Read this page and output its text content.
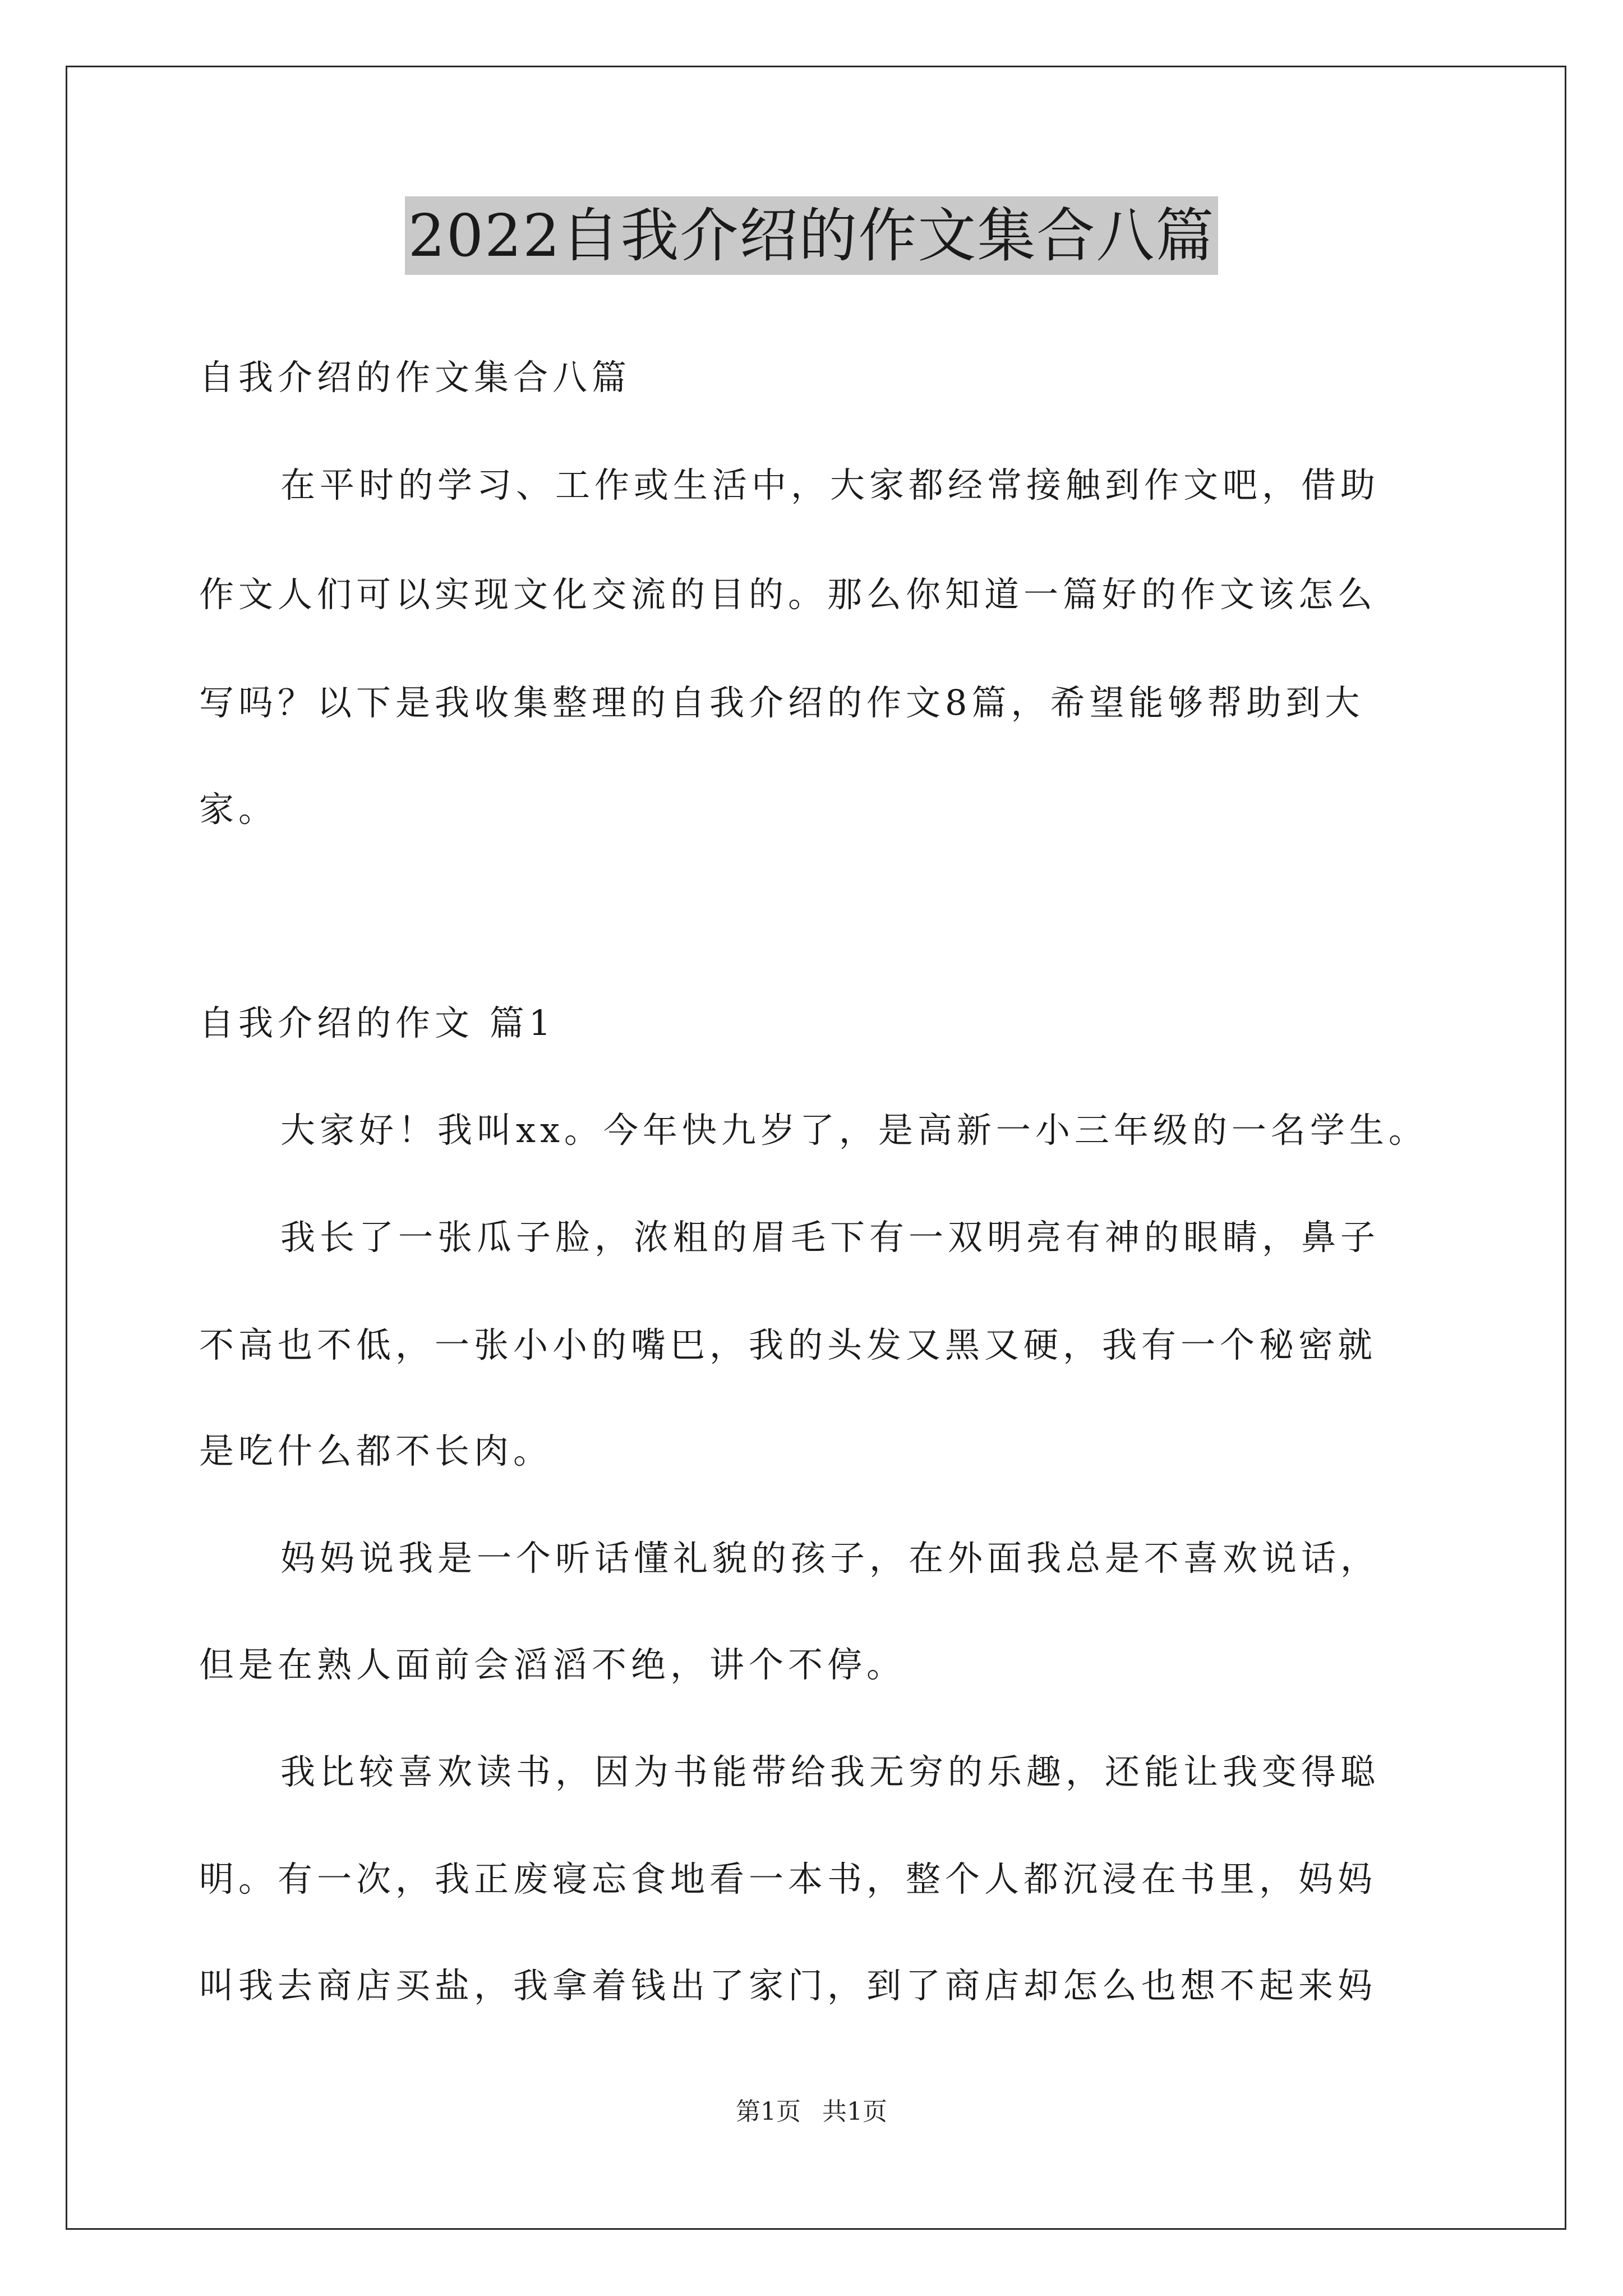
2022自我介绍的作文集合八篇
自我介绍的作文集合八篇
在平时的学习、工作或生活中，大家都经常接触到作文吧，借助
作文人们可以实现文化交流的目的。那么你知道一篇好的作文该怎么
写吗？以下是我收集整理的自我介绍的作文8篇，希望能够帮助到大
家。
自我介绍的作文 篇1
大家好！我叫xx。今年快九岁了，是高新一小三年级的一名学生。
我长了一张瓜子脸，浓粗的眉毛下有一双明亮有神的眼睛，鼻子
不高也不低，一张小小的嘴巴，我的头发又黑又硬，我有一个秘密就
是吃什么都不长肉。
妈妈说我是一个听话懂礼貌的孩子，在外面我总是不喜欢说话，
但是在熟人面前会滔滔不绝，讲个不停。
我比较喜欢读书，因为书能带给我无穷的乐趣，还能让我变得聪
明。有一次，我正废寝忘食地看一本书，整个人都沉浸在书里，妈妈
叫我去商店买盐，我拿着钱出了家门，到了商店却怎么也想不起来妈
第1页 共1页
